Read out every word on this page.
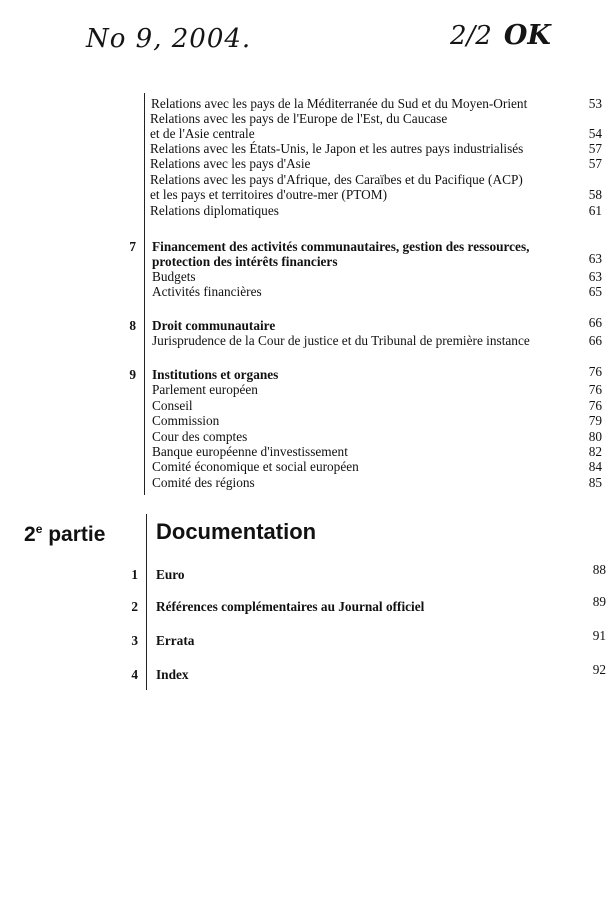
No 9, 2004.	2/2 OK
Relations avec les pays de la Méditerranée du Sud et du Moyen-Orient	53
Relations avec les pays de l'Europe de l'Est, du Caucase
et de l'Asie centrale	54
Relations avec les États-Unis, le Japon et les autres pays industrialisés	57
Relations avec les pays d'Asie	57
Relations avec les pays d'Afrique, des Caraïbes et du Pacifique (ACP)
et les pays et territoires d'outre-mer (PTOM)	58
Relations diplomatiques	61
7 Financement des activités communautaires, gestion des ressources,
protection des intérêts financiers	63
Budgets	63
Activités financières	65
8 Droit communautaire	66
Jurisprudence de la Cour de justice et du Tribunal de première instance	66
9 Institutions et organes	76
Parlement européen	76
Conseil	76
Commission	79
Cour des comptes	80
Banque européenne d'investissement	82
Comité économique et social européen	84
Comité des régions	85
2e partie Documentation
1 Euro	88
2 Références complémentaires au Journal officiel	89
3 Errata	91
4 Index	92
